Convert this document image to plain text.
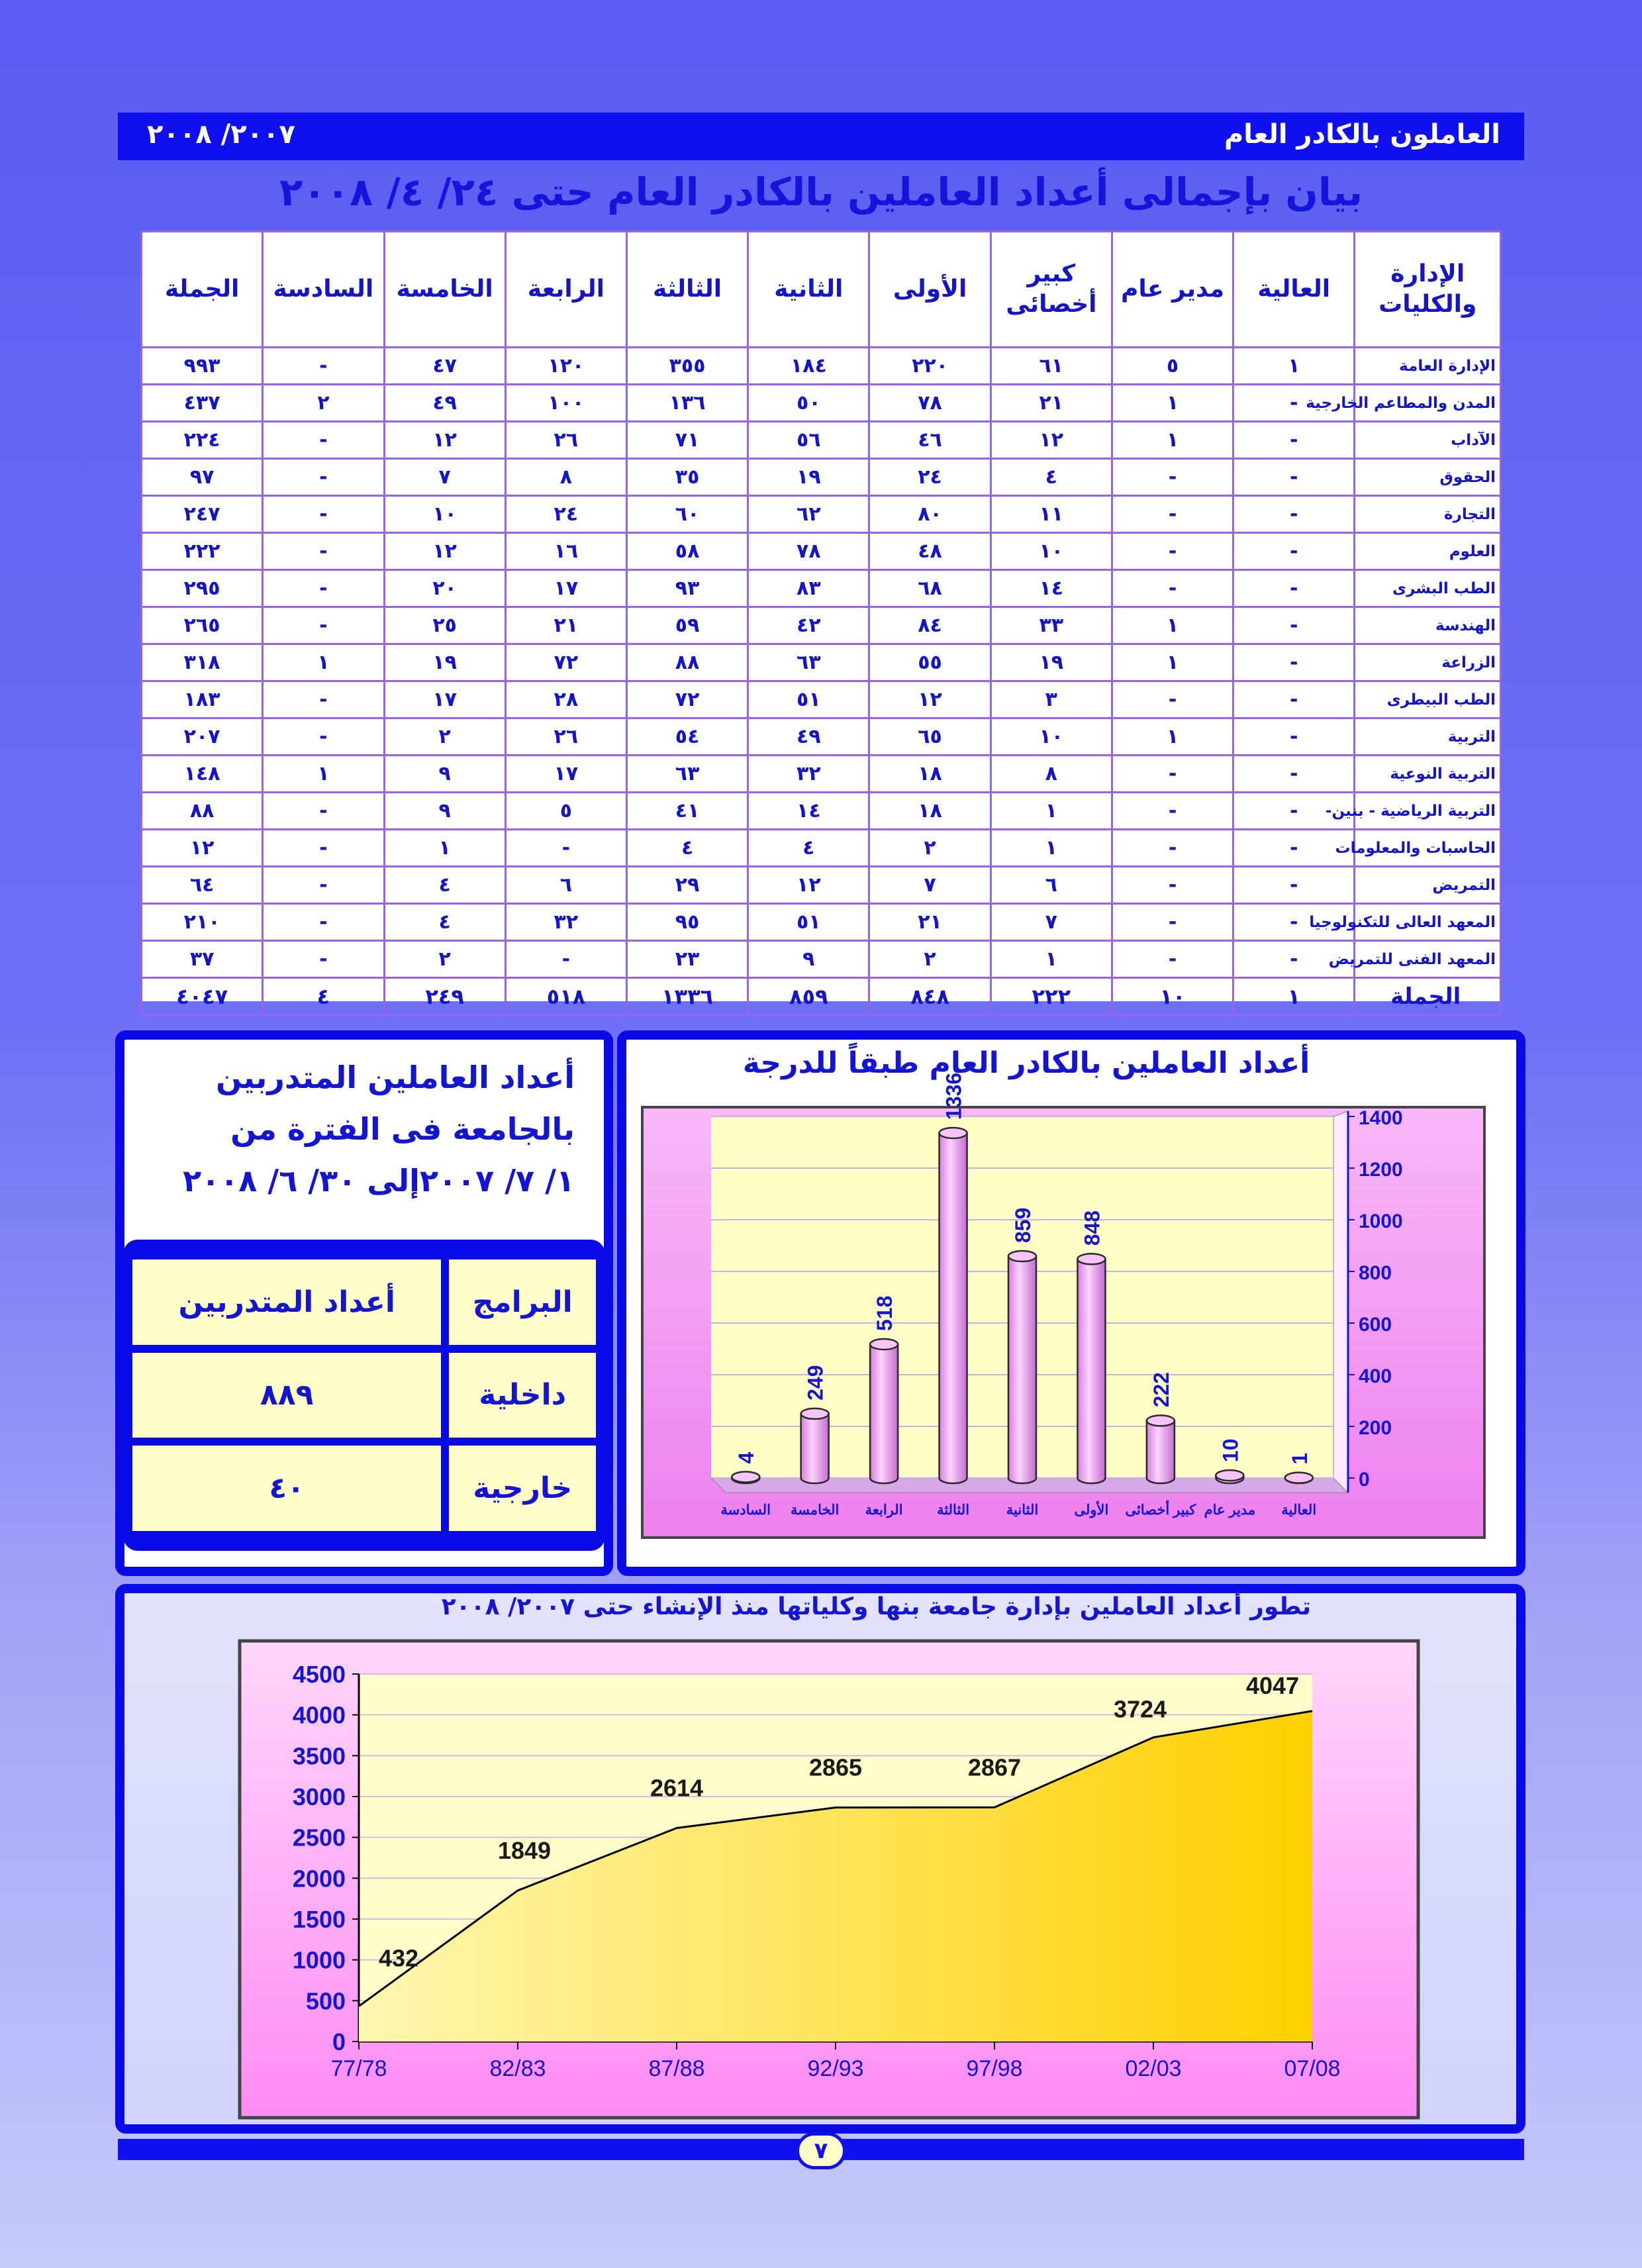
العاملون بالكادر العام
٢٠٠٧/ ٢٠٠٨
بيان بإجمالى أعداد العاملين بالكادر العام حتى ٢٤/ ٤/ ٢٠٠٨
الإدارة والكليات	العالية	مدير عام	كبير أخصائى	الأولى	الثانية	الثالثة	الرابعة	الخامسة	السادسة	الجملة
الإدارة العامة	١	٥	٦١	٢٢٠	١٨٤	٣٥٥	١٢٠	٤٧	-	٩٩٣
المدن والمطاعم الخارجية	-	١	٢١	٧٨	٥٠	١٣٦	١٠٠	٤٩	٢	٤٣٧
الآداب	-	١	١٢	٤٦	٥٦	٧١	٢٦	١٢	-	٢٢٤
الحقوق	-	-	٤	٢٤	١٩	٣٥	٨	٧	-	٩٧
التجارة	-	-	١١	٨٠	٦٢	٦٠	٢٤	١٠	-	٢٤٧
العلوم	-	-	١٠	٤٨	٧٨	٥٨	١٦	١٢	-	٢٢٢
الطب البشرى	-	-	١٤	٦٨	٨٣	٩٣	١٧	٢٠	-	٢٩٥
الهندسة	-	١	٣٣	٨٤	٤٢	٥٩	٢١	٢٥	-	٢٦٥
الزراعة	-	١	١٩	٥٥	٦٣	٨٨	٧٢	١٩	١	٣١٨
الطب البيطرى	-	-	٣	١٢	٥١	٧٢	٢٨	١٧	-	١٨٣
التربية	-	١	١٠	٦٥	٤٩	٥٤	٢٦	٢	-	٢٠٧
التربية النوعية	-	-	٨	١٨	٣٢	٦٣	١٧	٩	١	١٤٨
التربية الرياضية - بنين-	-	-	١	١٨	١٤	٤١	٥	٩	-	٨٨
الحاسبات والمعلومات	-	-	١	٢	٤	٤	-	١	-	١٢
التمريض	-	-	٦	٧	١٢	٢٩	٦	٤	-	٦٤
المعهد العالى للتكنولوجيا	-	-	٧	٢١	٥١	٩٥	٣٢	٤	-	٢١٠
المعهد الفنى للتمريض	-	-	١	٢	٩	٢٣	-	٢	-	٣٧
الجملة	١	١٠	٢٢٢	٨٤٨	٨٥٩	١٣٣٦	٥١٨	٢٤٩	٤	٤٠٤٧
أعداد العاملين بالكادر العام طبقاً للدرجة
0
200
400
600
800
1000
1200
1400
1
العالية
10
مدير عام
222
كبير أخصائى
848
الأولى
859
الثانية
1336
الثالثة
518
الرابعة
249
الخامسة
4
السادسة
أعداد العاملين المتدربين
بالجامعة فى الفترة من
١/ ٧/ ٢٠٠٧إلى ٣٠/ ٦/ ٢٠٠٨
البرامج	أعداد المتدربين
داخلية	٨٨٩
خارجية	٤٠
تطور أعداد العاملين بإدارة جامعة بنها وكلياتها منذ الإنشاء حتى ٢٠٠٧/ ٢٠٠٨
0
500
1000
1500
2000
2500
3000
3500
4000
4500
77/78
432
82/83
1849
87/88
2614
92/93
2865
97/98
2867
02/03
3724
07/08
4047
٧
